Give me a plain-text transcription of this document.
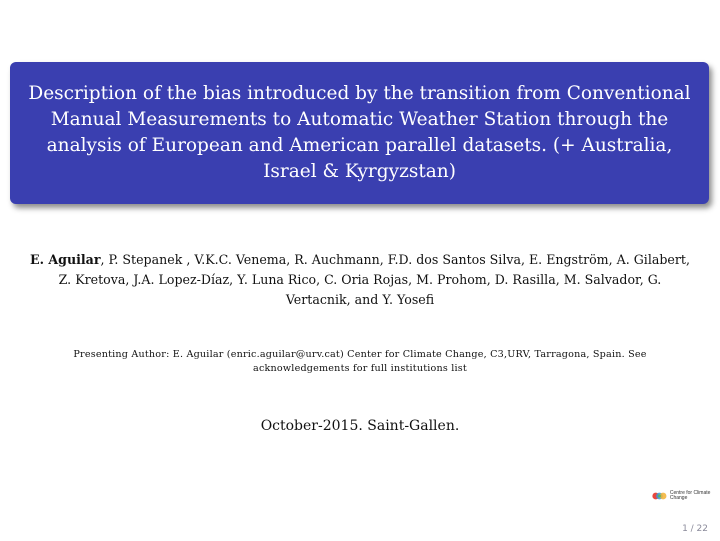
Description of the bias introduced by the transition from Conventional Manual Measurements to Automatic Weather Station through the analysis of European and American parallel datasets. (+ Australia, Israel & Kyrgyzstan)

E. Aguilar, P. Stepanek , V.K.C. Venema, R. Auchmann, F.D. dos Santos Silva, E. Engström, A. Gilabert, Z. Kretova, J.A. Lopez-Díaz, Y. Luna Rico, C. Oria Rojas, M. Prohom, D. Rasilla, M. Salvador, G. Vertacnik, and Y. Yosefi

Presenting Author: E. Aguilar (enric.aguilar@urv.cat) Center for Climate Change, C3,URV, Tarragona, Spain. See acknowledgements for full institutions list

October-2015. Saint-Gallen.

Centre for Climate Change

1 / 22
